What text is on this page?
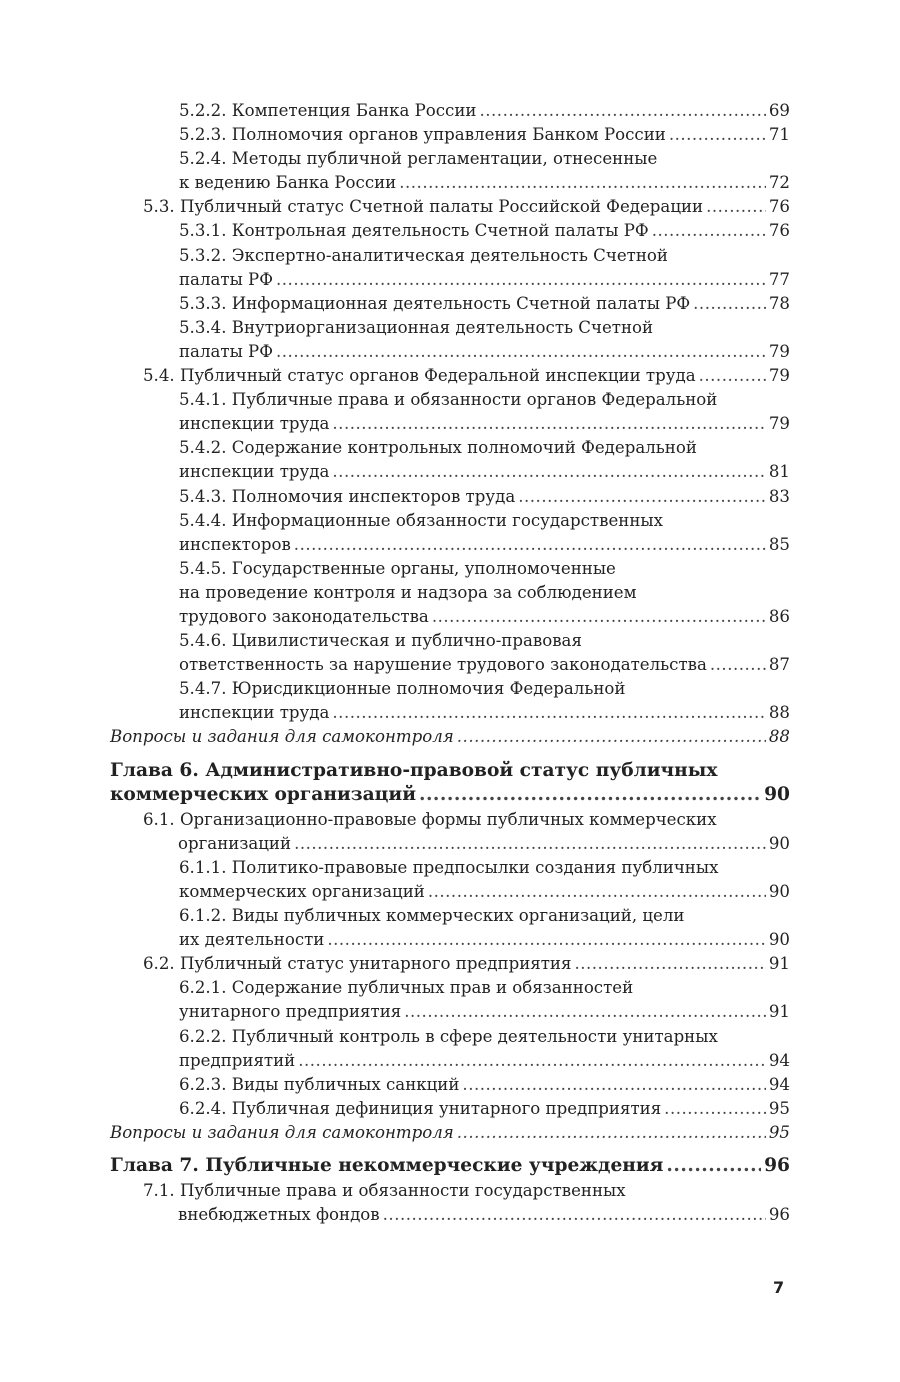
5.2.2. Компетенция Банка России .....	69
5.2.3. Полномочия органов управления Банком России .....	71
5.2.4. Методы публичной регламентации, отнесенные
к ведению Банка России .....	72
5.3. Публичный статус Счетной палаты Российской Федерации .....	76
5.3.1. Контрольная деятельность Счетной палаты РФ .....	76
5.3.2. Экспертно-аналитическая деятельность Счетной
палаты РФ .....	77
5.3.3. Информационная деятельность Счетной палаты РФ .....	78
5.3.4. Внутриорганизационная деятельность Счетной
палаты РФ .....	79
5.4. Публичный статус органов Федеральной инспекции труда .....	79
5.4.1. Публичные права и обязанности органов Федеральной
инспекции труда .....	79
5.4.2. Содержание контрольных полномочий Федеральной
инспекции труда .....	81
5.4.3. Полномочия инспекторов труда .....	83
5.4.4. Информационные обязанности государственных
инспекторов .....	85
5.4.5. Государственные органы, уполномоченные
на проведение контроля и надзора за соблюдением
трудового законодательства .....	86
5.4.6. Цивилистическая и публично-правовая
ответственность за нарушение трудового законодательства .....	87
5.4.7. Юрисдикционные полномочия Федеральной
инспекции труда .....	88
Вопросы и задания для самоконтроля .....	88
Глава 6. Административно-правовой статус публичных
коммерческих организаций .....	90
6.1. Организационно-правовые формы публичных коммерческих
организаций .....	90
6.1.1. Политико-правовые предпосылки создания публичных
коммерческих организаций .....	90
6.1.2. Виды публичных коммерческих организаций, цели
их деятельности .....	90
6.2. Публичный статус унитарного предприятия .....	91
6.2.1. Содержание публичных прав и обязанностей
унитарного предприятия .....	91
6.2.2. Публичный контроль в сфере деятельности унитарных
предприятий .....	94
6.2.3. Виды публичных санкций .....	94
6.2.4. Публичная дефиниция унитарного предприятия .....	95
Вопросы и задания для самоконтроля .....	95
Глава 7. Публичные некоммерческие учреждения .....	96
7.1. Публичные права и обязанности государственных
внебюджетных фондов .....	96
7
